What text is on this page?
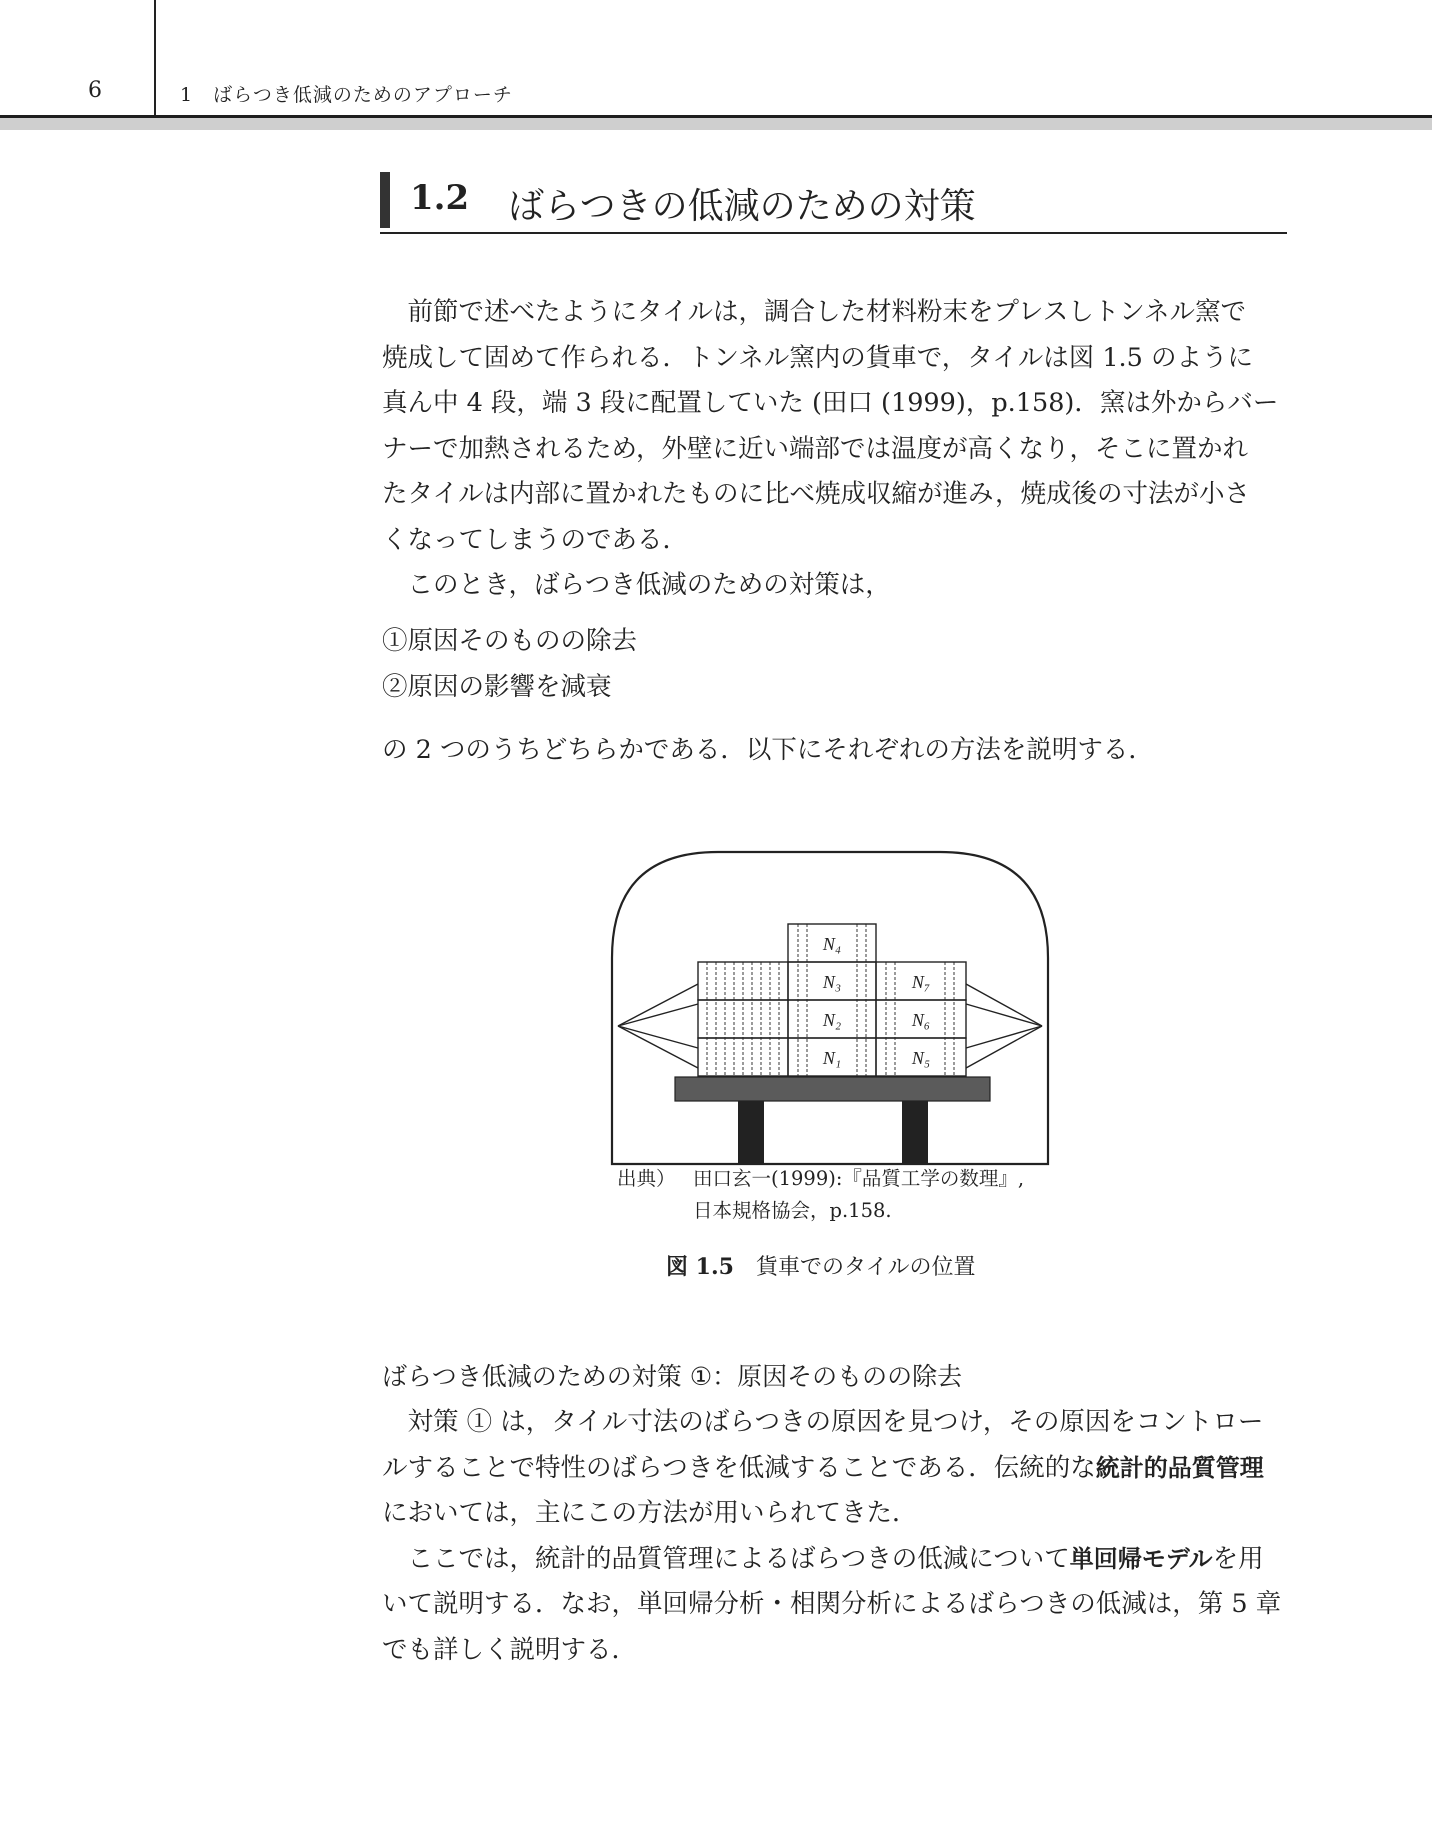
6	1　ばらつき低減のためのアプローチ
1.2 ばらつきの低減のための対策
前節で述べたようにタイルは，調合した材料粉末をプレスしトンネル窯で
焼成して固めて作られる．トンネル窯内の貨車で，タイルは図 1.5 のように
真ん中 4 段，端 3 段に配置していた (田口 (1999)，p.158)．窯は外からバー
ナーで加熱されるため，外壁に近い端部では温度が高くなり，そこに置かれ
たタイルは内部に置かれたものに比べ焼成収縮が進み，焼成後の寸法が小さ
くなってしまうのである．
このとき，ばらつき低減のための対策は，
①原因そのものの除去
②原因の影響を減衰
の 2 つのうちどちらかである．以下にそれぞれの方法を説明する．
N₄
N₃
N₂
N₁
N₇
N₆
N₅
出典） 田口玄一(1999):『品質工学の数理』,
日本規格協会，p.158.
図 1.5　 貨車でのタイルの位置
ばらつき低減のための対策 ①：原因そのものの除去

対策 ① は，タイル寸法のばらつきの原因を見つけ，その原因をコントロールすることで特性のばらつきを低減することである．伝統的な統計的品質管理においては，主にこの方法が用いられてきた．

ここでは，統計的品質管理によるばらつきの低減について単回帰モデルを用いて説明する．なお，単回帰分析・相関分析によるばらつきの低減は，第 5 章でも詳しく説明する．
